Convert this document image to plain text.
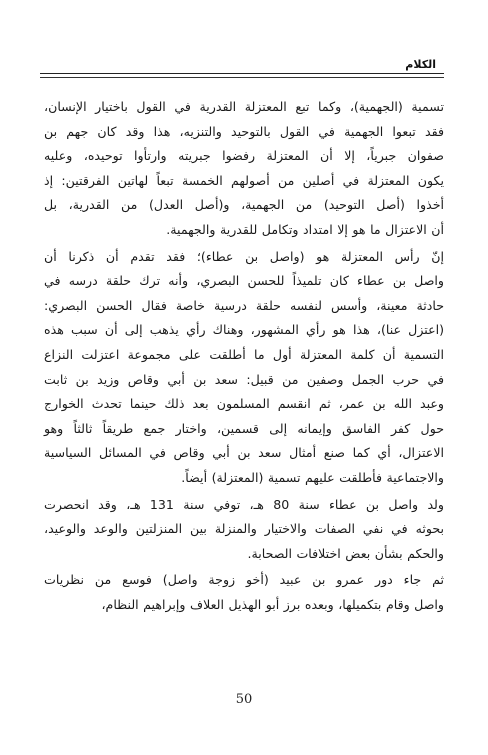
الكلام
تسمية (الجهمية)، وكما تبع المعتزلة القدرية في القول باختيار الإنسان،
فقد تبعوا الجهمية في القول بالتوحيد والتنزيه، هذا وقد كان جهم بن
صفوان جبرياً، إلا أن المعتزلة رفضوا جبريته وارتأوا توحيده، وعليه
يكون المعتزلة في أصلين من أصولهم الخمسة تبعاً لهاتين الفرقتين: إذ
أخذوا (أصل التوحيد) من الجهمية، و(أصل العدل) من القدرية، بل
أن الاعتزال ما هو إلا امتداد وتكامل للقدرية والجهمية.
إنّ رأس المعتزلة هو (واصل بن عطاء)؛ فقد تقدم أن ذكرنا أن
واصل بن عطاء كان تلميذاً للحسن البصري، وأنه ترك حلقة درسه في
حادثة معينة، وأسس لنفسه حلقة درسية خاصة فقال الحسن البصري:
(اعتزل عنا)، هذا هو رأي المشهور، وهناك رأي يذهب إلى أن سبب هذه
التسمية أن كلمة المعتزلة أول ما أطلقت على مجموعة اعتزلت النزاع
في حرب الجمل وصفين من قبيل: سعد بن أبي وقاص وزيد بن ثابت
وعبد الله بن عمر، ثم انقسم المسلمون بعد ذلك حينما تحدث الخوارج
حول كفر الفاسق وإيمانه إلى قسمين، واختار جمع طريقاً ثالثاً وهو
الاعتزال، أي كما صنع أمثال سعد بن أبي وقاص في المسائل السياسية
والاجتماعية فأطلقت عليهم تسمية (المعتزلة) أيضاً.
ولد واصل بن عطاء سنة 80 هـ، توفي سنة 131 هـ، وقد انحصرت
بحوثه في نفي الصفات والاختيار والمنزلة بين المنزلتين والوعد والوعيد،
والحكم بشأن بعض اختلافات الصحابة.
ثم جاء دور عمرو بن عبيد (أخو زوجة واصل) فوسع من نظريات
واصل وقام بتكميلها، وبعده برز أبو الهذيل العلاف وإبراهيم النظام،
50
